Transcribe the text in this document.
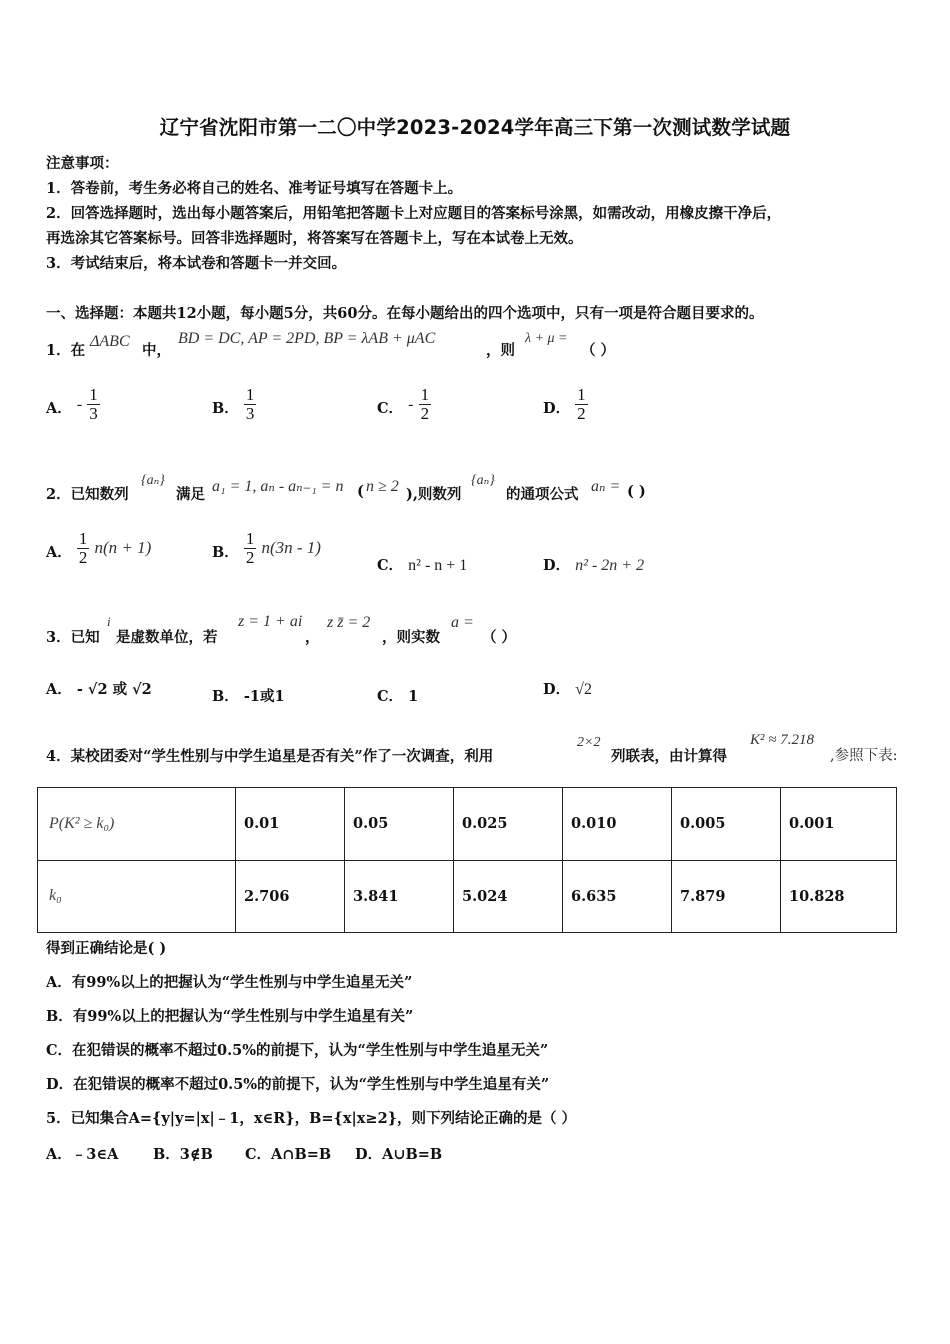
辽宁省沈阳市第一二〇中学2023-2024学年高三下第一次测试数学试题
注意事项：
1．答卷前，考生务必将自己的姓名、准考证号填写在答题卡上。
2．回答选择题时，选出每小题答案后，用铅笔把答题卡上对应题目的答案标号涂黑，如需改动，用橡皮擦干净后，
再选涂其它答案标号。回答非选择题时，将答案写在答题卡上，写在本试卷上无效。
3．考试结束后，将本试卷和答题卡一并交回。
一、选择题：本题共12小题，每小题5分，共60分。在每小题给出的四个选项中，只有一项是符合题目要求的。
1．在
ΔABC
中，
BD = DC, AP = 2PD, BP = λAB + μAC
，则
λ + μ =
（ ）
A． - $\frac{1}{3}$	B． $\frac{1}{3}$	C． - $\frac{1}{2}$	D． $\frac{1}{2}$
2．已知数列
{aₙ}
满足 a₁ = 1, aₙ - aₙ₋₁ = n ( n ≥ 2 ),则数列
{aₙ}
的通项公式 aₙ = ( )
A． $\frac{1}{2} n(n + 1)$	B． $\frac{1}{2} n(3n - 1)$
C． n² - n + 1	D． n² - 2n + 2
3．已知
i
是虚数单位，若
z = 1 + ai
，
z z̄ = 2
，则实数
a =
（ ）
A． - √2 或 √2	B． -1或1	C． 1	D． √2
4．某校团委对“学生性别与中学生追星是否有关”作了一次调查，利用
2×2
列联表，由计算得
K² ≈ 7.218
,参照下表:
P(K² ≥ k₀)	0.01	0.05	0.025	0.010	0.005	0.001
k₀	2.706	3.841	5.024	6.635	7.879	10.828
得到正确结论是( )
A．有99%以上的把握认为“学生性别与中学生追星无关”
B．有99%以上的把握认为“学生性别与中学生追星有关”
C．在犯错误的概率不超过0.5%的前提下，认为“学生性别与中学生追星无关”
D．在犯错误的概率不超过0.5%的前提下，认为“学生性别与中学生追星有关”
5．已知集合A={y|y=|x|﹣1，x∈R}，B={x|x≥2}，则下列结论正确的是（ ）
A．﹣3∈A B．3∉B C．A∩B=B D．A∪B=B
